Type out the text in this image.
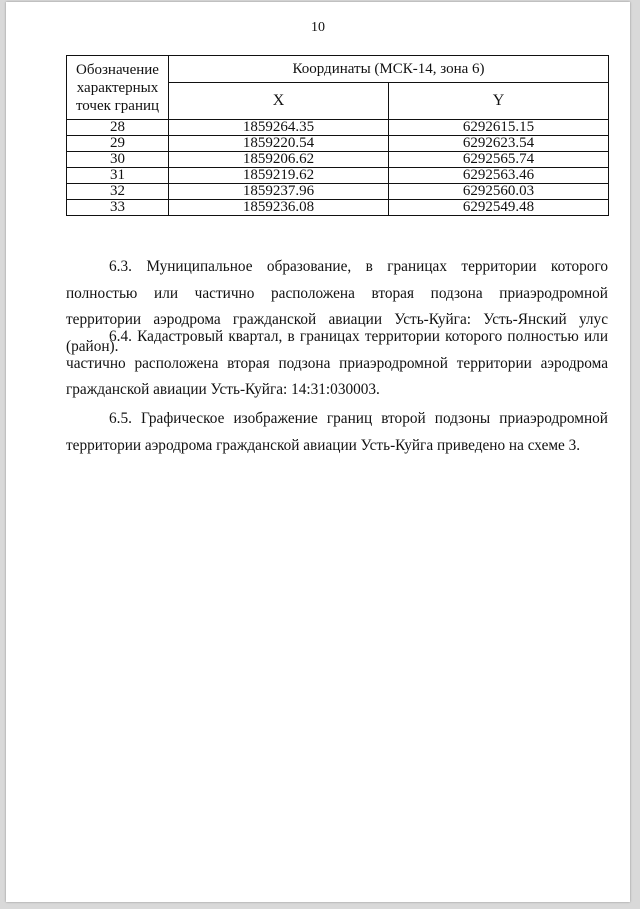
10
Обозначение характерных точек границ	Координаты (МСК-14, зона 6)	
	X	Y
28	1859264.35	6292615.15
29	1859220.54	6292623.54
30	1859206.62	6292565.74
31	1859219.62	6292563.46
32	1859237.96	6292560.03
33	1859236.08	6292549.48

6.3. Муниципальное образование, в границах территории которого полностью или частично расположена вторая подзона приаэродромной территории аэродрома гражданской авиации Усть-Куйга: Усть-Янский улус (район).

6.4. Кадастровый квартал, в границах территории которого полностью или частично расположена вторая подзона приаэродромной территории аэродрома гражданской авиации Усть-Куйга: 14:31:030003.

6.5. Графическое изображение границ второй подзоны приаэродромной территории аэродрома гражданской авиации Усть-Куйга приведено на схеме 3.
